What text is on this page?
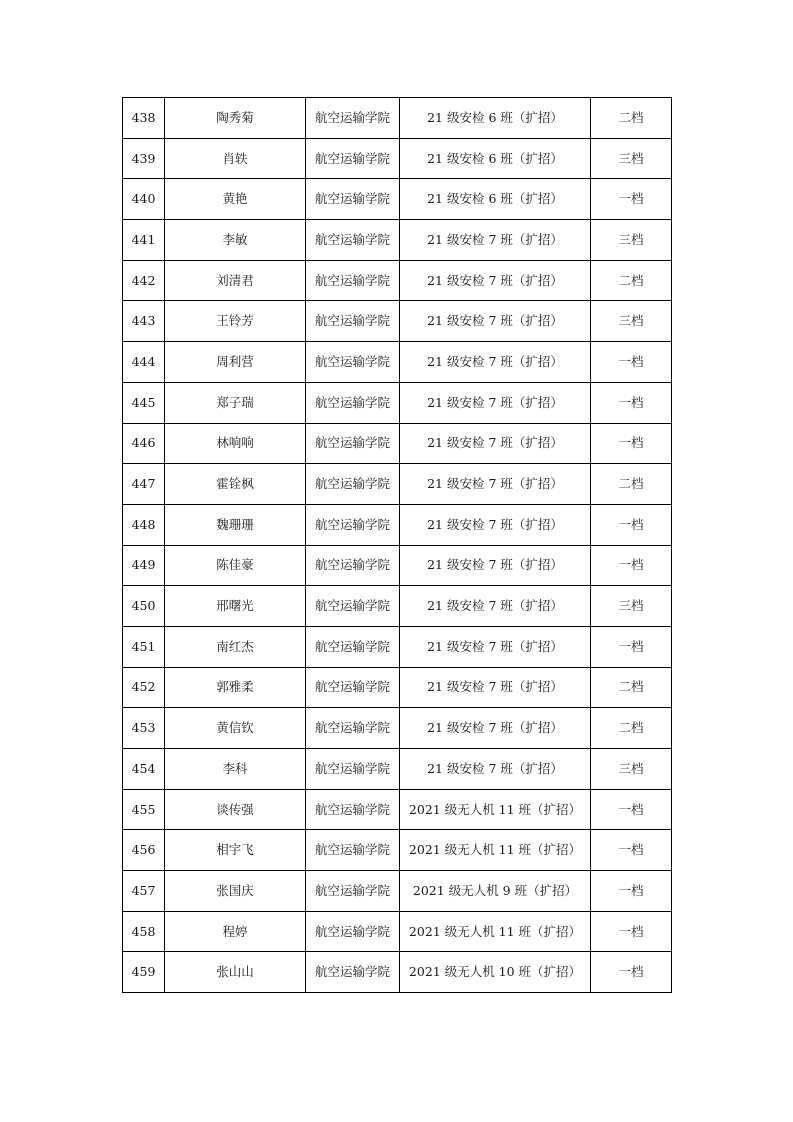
438	陶秀菊	航空运输学院	21 级安检 6 班（扩招）	二档
439	肖轶	航空运输学院	21 级安检 6 班（扩招）	三档
440	黄艳	航空运输学院	21 级安检 6 班（扩招）	一档
441	李敏	航空运输学院	21 级安检 7 班（扩招）	三档
442	刘清君	航空运输学院	21 级安检 7 班（扩招）	二档
443	王铃芳	航空运输学院	21 级安检 7 班（扩招）	三档
444	周利营	航空运输学院	21 级安检 7 班（扩招）	一档
445	郑子瑞	航空运输学院	21 级安检 7 班（扩招）	一档
446	林响响	航空运输学院	21 级安检 7 班（扩招）	一档
447	霍铨枫	航空运输学院	21 级安检 7 班（扩招）	二档
448	魏珊珊	航空运输学院	21 级安检 7 班（扩招）	一档
449	陈佳豪	航空运输学院	21 级安检 7 班（扩招）	一档
450	邢曙光	航空运输学院	21 级安检 7 班（扩招）	三档
451	南红杰	航空运输学院	21 级安检 7 班（扩招）	一档
452	郭雅柔	航空运输学院	21 级安检 7 班（扩招）	二档
453	黄信钦	航空运输学院	21 级安检 7 班（扩招）	二档
454	李科	航空运输学院	21 级安检 7 班（扩招）	三档
455	谈传强	航空运输学院	2021 级无人机 11 班（扩招）	一档
456	相宇飞	航空运输学院	2021 级无人机 11 班（扩招）	一档
457	张国庆	航空运输学院	2021 级无人机 9 班（扩招）	一档
458	程婷	航空运输学院	2021 级无人机 11 班（扩招）	一档
459	张山山	航空运输学院	2021 级无人机 10 班（扩招）	一档
